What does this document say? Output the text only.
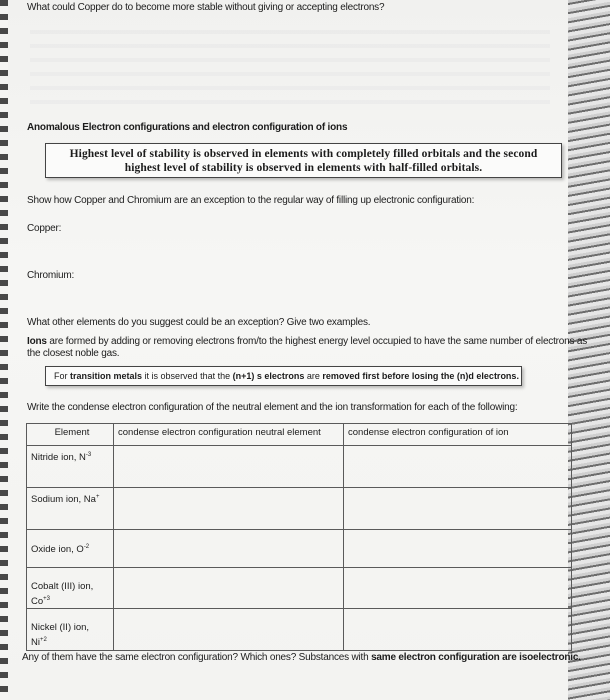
What could Copper do to become more stable without giving or accepting electrons?
Anomalous Electron configurations and electron configuration of ions
Highest level of stability is observed in elements with completely filled orbitals and the second
highest level of stability is observed in elements with half-filled orbitals.
Show how Copper and Chromium are an exception to the regular way of filling up electronic configuration:
Copper:
Chromium:
What other elements do you suggest could be an exception? Give two examples.
Ions are formed by adding or removing electrons from/to the highest energy level occupied to have the same number of electrons as
the closest noble gas.
For transition metals it is observed that the (n+1) s electrons are removed first before losing the (n)d electrons.
Write the condense electron configuration of the neutral element and the ion transformation for each of the following:
Element	condense electron configuration neutral element	condense electron configuration of ion
Nitride ion, $N^{-3}$		
Sodium ion, Na+		
Oxide ion, $O^{-2}$		

Cobalt (III) ion,
$Co^{+3}$

Nickel (II) ion,
$Ni^{+2}$

Any of them have the same electron configuration? Which ones? Substances with same electron configuration are isoelectronic.
